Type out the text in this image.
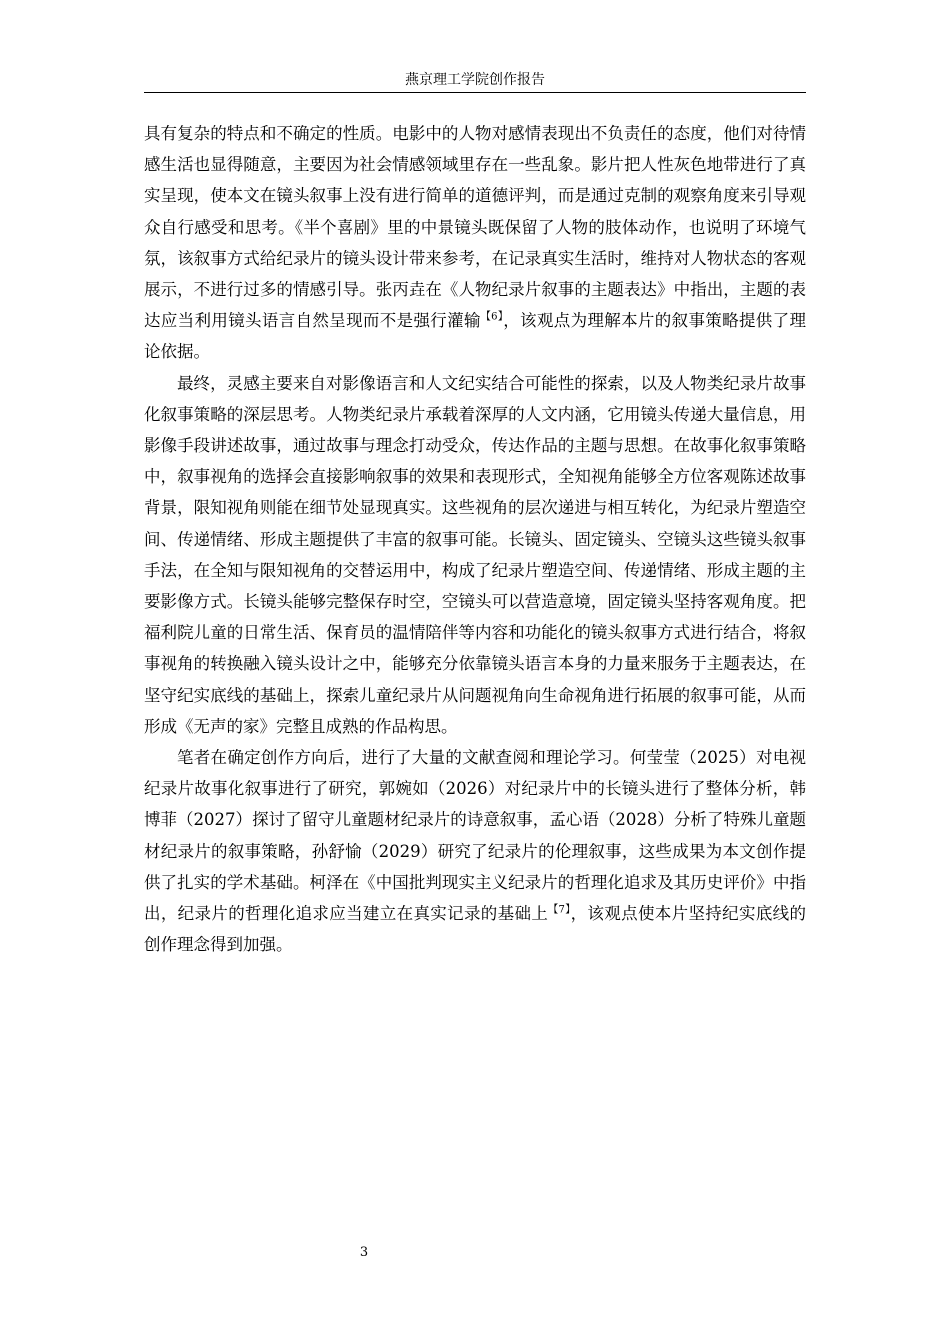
燕京理工学院创作报告

具有复杂的特点和不确定的性质。电影中的人物对感情表现出不负责任的态度，他们对待情感生活也显得随意，主要因为社会情感领域里存在一些乱象。影片把人性灰色地带进行了真实呈现，使本文在镜头叙事上没有进行简单的道德评判，而是通过克制的观察角度来引导观众自行感受和思考。《半个喜剧》里的中景镜头既保留了人物的肢体动作，也说明了环境气氛，该叙事方式给纪录片的镜头设计带来参考，在记录真实生活时，维持对人物状态的客观展示，不进行过多的情感引导。张丙垚在《人物纪录片叙事的主题表达》中指出，主题的表达应当利用镜头语言自然呈现而不是强行灌输$^{【6】}$，该观点为理解本片的叙事策略提供了理论依据。

最终，灵感主要来自对影像语言和人文纪实结合可能性的探索，以及人物类纪录片故事化叙事策略的深层思考。人物类纪录片承载着深厚的人文内涵，它用镜头传递大量信息，用影像手段讲述故事，通过故事与理念打动受众，传达作品的主题与思想。在故事化叙事策略中，叙事视角的选择会直接影响叙事的效果和表现形式，全知视角能够全方位客观陈述故事背景，限知视角则能在细节处显现真实。这些视角的层次递进与相互转化，为纪录片塑造空间、传递情绪、形成主题提供了丰富的叙事可能。长镜头、固定镜头、空镜头这些镜头叙事手法，在全知与限知视角的交替运用中，构成了纪录片塑造空间、传递情绪、形成主题的主要影像方式。长镜头能够完整保存时空，空镜头可以营造意境，固定镜头坚持客观角度。把福利院儿童的日常生活、保育员的温情陪伴等内容和功能化的镜头叙事方式进行结合，将叙事视角的转换融入镜头设计之中，能够充分依靠镜头语言本身的力量来服务于主题表达，在坚守纪实底线的基础上，探索儿童纪录片从问题视角向生命视角进行拓展的叙事可能，从而形成《无声的家》完整且成熟的作品构思。

笔者在确定创作方向后，进行了大量的文献查阅和理论学习。何莹莹（2025）对电视纪录片故事化叙事进行了研究，郭婉如（2026）对纪录片中的长镜头进行了整体分析，韩博菲（2027）探讨了留守儿童题材纪录片的诗意叙事，孟心语（2028）分析了特殊儿童题材纪录片的叙事策略，孙舒愉（2029）研究了纪录片的伦理叙事，这些成果为本文创作提供了扎实的学术基础。柯泽在《中国批判现实主义纪录片的哲理化追求及其历史评价》中指出，纪录片的哲理化追求应当建立在真实记录的基础上$^{【7】}$，该观点使本片坚持纪实底线的创作理念得到加强。

3
